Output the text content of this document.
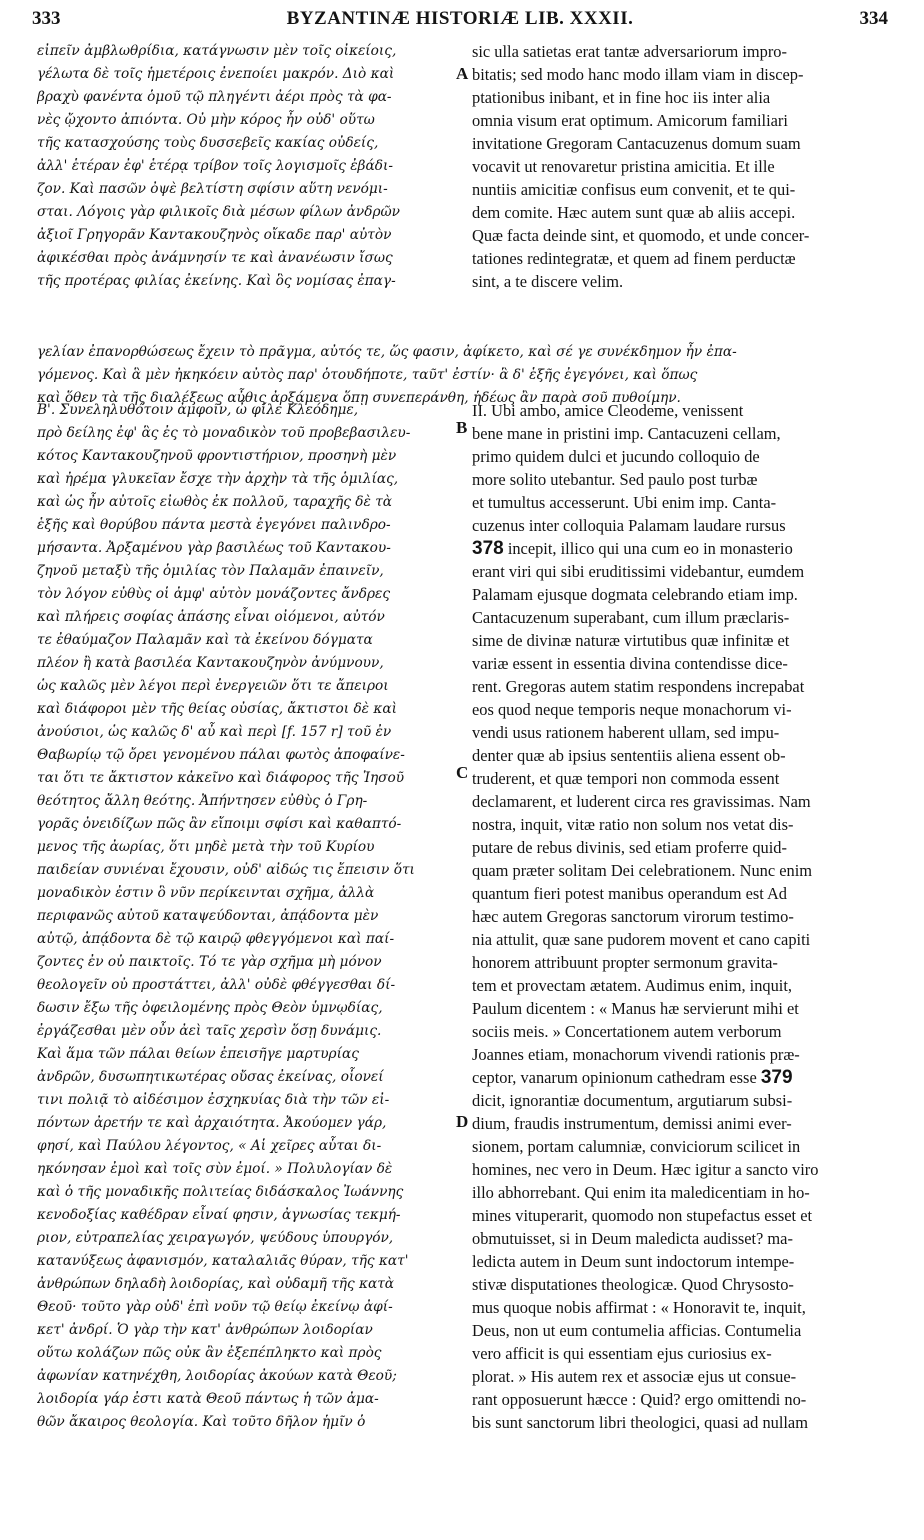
333	BYZANTINÆ HISTORIÆ LIB. XXXII.	334
εἰπεῖν ἀμβλωθρίδια, κατάγνωσιν μὲν τοῖς οἰκείοις,
γέλωτα δὲ τοῖς ἡμετέροις ἐνεποίει μακρόν. Διὸ καὶ
βραχὺ φανέντα ὁμοῦ τῷ πληγέντι ἀέρι πρὸς τὰ φα-
νὲς ᾤχοντο ἀπιόντα. Οὐ μὴν κόρος ἦν οὐδ' οὕτω
τῆς κατασχούσης τοὺς δυσσεβεῖς κακίας οὐδείς,
ἀλλ' ἑτέραν ἐφ' ἑτέρᾳ τρίβον τοῖς λογισμοῖς ἐβάδι-
ζον. Καὶ πασῶν ὀψὲ βελτίστη σφίσιν αὕτη νενόμι-
σται. Λόγοις γὰρ φιλικοῖς διὰ μέσων φίλων ἀνδρῶν
ἀξιοῖ Γρηγορᾶν Καντακουζηνὸς οἴκαδε παρ' αὐτὸν
ἀφικέσθαι πρὸς ἀνάμνησίν τε καὶ ἀνανέωσιν ἴσως
τῆς προτέρας φιλίας ἐκείνης. Καὶ ὃς νομίσας ἐπαγ-
sic ulla satietas erat tantæ adversariorum impro-
bitatis; sed modo hanc modo illam viam in discep-
ptationibus inibant, et in fine hoc iis inter alia
omnia visum erat optimum. Amicorum familiari
invitatione Gregoram Cantacuzenus domum suam
vocavit ut renovaretur pristina amicitia. Et ille
nuntiis amicitiæ confisus eum convenit, et te qui-
dem comite. Hæc autem sunt quæ ab aliis accepi.
Quæ facta deinde sint, et quomodo, et unde concer-
tationes redintegratæ, et quem ad finem perductæ
sint, a te discere velim.
γελίαν ἐπανορθώσεως ἔχειν τὸ πρᾶγμα, αὐτός τε, ὥς φασιν, ἀφίκετο, καὶ σέ γε συνέκδημον ἦν ἐπα-
γόμενος. Καὶ ἃ μὲν ἠκηκόειν αὐτὸς παρ' ὁτουδήποτε, ταῦτ' ἐστίν· ἃ δ' ἑξῆς ἐγεγόνει, καὶ ὅπως
καὶ ὅθεν τὰ τῆς διαλέξεως αὖθις ἀρξάμενα ὅπῃ συνεπεράνθη, ἡδέως ἂν παρὰ σοῦ πυθοίμην.
Β'. Συνεληλυθότοιν ἀμφοῖν, ὦ φίλε Κλεόδημε,
πρὸ δείλης ἐφ' ἃς ἐς τὸ μοναδικὸν τοῦ προβεβασιλευ-
κότος Καντακουζηνοῦ φροντιστήριον, προσηνὴ μὲν
καὶ ἠρέμα γλυκεῖαν ἔσχε τὴν ἀρχὴν τὰ τῆς ὁμιλίας,
καὶ ὡς ἦν αὐτοῖς εἰωθὸς ἐκ πολλοῦ, ταραχῆς δὲ τὰ
ἑξῆς καὶ θορύβου πάντα μεστὰ ἐγεγόνει παλινδρο-
μήσαντα. Ἀρξαμένου γὰρ βασιλέως τοῦ Καντακου-
ζηνοῦ μεταξὺ τῆς ὁμιλίας τὸν Παλαμᾶν ἐπαινεῖν,
τὸν λόγον εὐθὺς οἱ ἀμφ' αὐτὸν μονάζοντες ἄνδρες
καὶ πλήρεις σοφίας ἁπάσης εἶναι οἰόμενοι, αὐτόν
τε ἐθαύμαζον Παλαμᾶν καὶ τὰ ἐκείνου δόγματα
πλέον ἢ κατὰ βασιλέα Καντακουζηνὸν ἀνύμνουν,
ὡς καλῶς μὲν λέγοι περὶ ἐνεργειῶν ὅτι τε ἄπειροι
καὶ διάφοροι μὲν τῆς θείας οὐσίας, ἄκτιστοι δὲ καὶ
ἀνούσιοι, ὡς καλῶς δ' αὖ καὶ περὶ [f. 157 r] τοῦ ἐν
Θαβωρίῳ τῷ ὄρει γενομένου πάλαι φωτὸς ἀποφαίνε-
ται ὅτι τε ἄκτιστον κἀκεῖνο καὶ διάφορος τῆς Ἰησοῦ
θεότητος ἄλλη θεότης. Ἀπήντησεν εὐθὺς ὁ Γρη-
γορᾶς ὀνειδίζων πῶς ἂν εἴποιμι σφίσι καὶ καθαπτό-
μενος τῆς ἀωρίας, ὅτι μηδὲ μετὰ τὴν τοῦ Κυρίου
παιδείαν συνιέναι ἔχουσιν, οὐδ' αἰδώς τις ἔπεισιν ὅτι
μοναδικὸν ἐστιν ὃ νῦν περίκεινται σχῆμα, ἀλλὰ
περιφανῶς αὐτοῦ καταψεύδονται, ἀπᾴδοντα μὲν
αὐτῷ, ἀπᾴδοντα δὲ τῷ καιρῷ φθεγγόμενοι καὶ παί-
ζοντες ἐν οὐ παικτοῖς. Τό τε γὰρ σχῆμα μὴ μόνον
θεολογεῖν οὐ προστάττει, ἀλλ' οὐδὲ φθέγγεσθαι δί-
δωσιν ἔξω τῆς ὀφειλομένης πρὸς Θεὸν ὑμνῳδίας,
ἐργάζεσθαι μὲν οὖν ἀεὶ ταῖς χερσὶν ὅσῃ δυνάμις.
Καὶ ἅμα τῶν πάλαι θείων ἐπεισῆγε μαρτυρίας
ἀνδρῶν, δυσωπητικωτέρας οὔσας ἐκείνας, οἷονεί
τινι πολιᾷ τὸ αἰδέσιμον ἐσχηκυίας διὰ τὴν τῶν εἰ-
πόντων ἀρετήν τε καὶ ἀρχαιότητα. Ἀκούομεν γάρ,
φησί, καὶ Παύλου λέγοντος, « Αἱ χεῖρες αὗται δι-
ηκόνησαν ἐμοὶ καὶ τοῖς σὺν ἐμοί. » Πολυλογίαν δὲ
καὶ ὁ τῆς μοναδικῆς πολιτείας διδάσκαλος Ἰωάννης
κενοδοξίας καθέδραν εἶναί φησιν, ἀγνωσίας τεκμή-
ριον, εὐτραπελίας χειραγωγόν, ψεύδους ὑπουργόν,
κατανύξεως ἀφανισμόν, καταλαλιᾶς θύραν, τῆς κατ'
ἀνθρώπων δηλαδὴ λοιδορίας, καὶ οὐδαμῆ τῆς κατὰ
Θεοῦ· τοῦτο γὰρ οὐδ' ἐπὶ νοῦν τῷ θείῳ ἐκείνῳ ἀφί-
κετ' ἀνδρί. Ὁ γὰρ τὴν κατ' ἀνθρώπων λοιδορίαν
οὕτω κολάζων πῶς οὐκ ἂν ἐξεπέπληκτο καὶ πρὸς
ἀφωνίαν κατηνέχθη, λοιδορίας ἀκούων κατὰ Θεοῦ;
λοιδορία γάρ ἐστι κατὰ Θεοῦ πάντως ἡ τῶν ἀμα-
θῶν ἄκαιρος θεολογία. Καὶ τοῦτο δῆλον ἡμῖν ὁ
II. Ubi ambo, amice Cleodeme, venissent
bene mane in pristini imp. Cantacuzeni cellam,
primo quidem dulci et jucundo colloquio de
more solito utebantur. Sed paulo post turbæ
et tumultus accesserunt. Ubi enim imp. Canta-
cuzenus inter colloquia Palamam laudare rursus
378 incepit, illico qui una cum eo in monasterio
erant viri qui sibi eruditissimi videbantur, eumdem
Palamam ejusque dogmata celebrando etiam imp.
Cantacuzenum superabant, cum illum præclaris-
sime de divinæ naturæ virtutibus quæ infinitæ et
variæ essent in essentia divina contendisse dice-
rent. Gregoras autem statim respondens increpabat
eos quod neque temporis neque monachorum vi-
vendi usus rationem haberent ullam, sed impu-
denter quæ ab ipsius sententiis aliena essent ob-
truderent, et quæ tempori non commoda essent
declamarent, et luderent circa res gravissimas. Nam
nostra, inquit, vitæ ratio non solum nos vetat dis-
putare de rebus divinis, sed etiam proferre quid-
quam præter solitam Dei celebrationem. Nunc enim
quantum fieri potest manibus operandum est Ad
hæc autem Gregoras sanctorum virorum testimo-
nia attulit, quæ sane pudorem movent et cano capiti
honorem attribuunt propter sermonum gravita-
tem et provectam ætatem. Audimus enim, inquit,
Paulum dicentem : « Manus hæ servierunt mihi et
sociis meis. » Concertationem autem verborum
Joannes etiam, monachorum vivendi rationis præ-
ceptor, vanarum opinionum cathedram esse 379
dicit, ignorantiæ documentum, argutiarum subsi-
dium, fraudis instrumentum, demissi animi ever-
sionem, portam calumniæ, conviciorum scilicet in
homines, nec vero in Deum. Hæc igitur a sancto viro
illo abhorrebant. Qui enim ita maledicentiam in ho-
mines vituperarit, quomodo non stupefactus esset et
obmutuisset, si in Deum maledicta audisset? ma-
ledicta autem in Deum sunt indoctorum intempe-
stivæ disputationes theologicæ. Quod Chrysosto-
mus quoque nobis affirmat : « Honoravit te, inquit,
Deus, non ut eum contumelia afficias. Contumelia
vero afficit is qui essentiam ejus curiosius ex-
plorat. » His autem rex et associæ ejus ut consue-
rant opposuerunt hæcce : Quid? ergo omittendi no-
bis sunt sanctorum libri theologici, quasi ad nullam
A
B
C
D
